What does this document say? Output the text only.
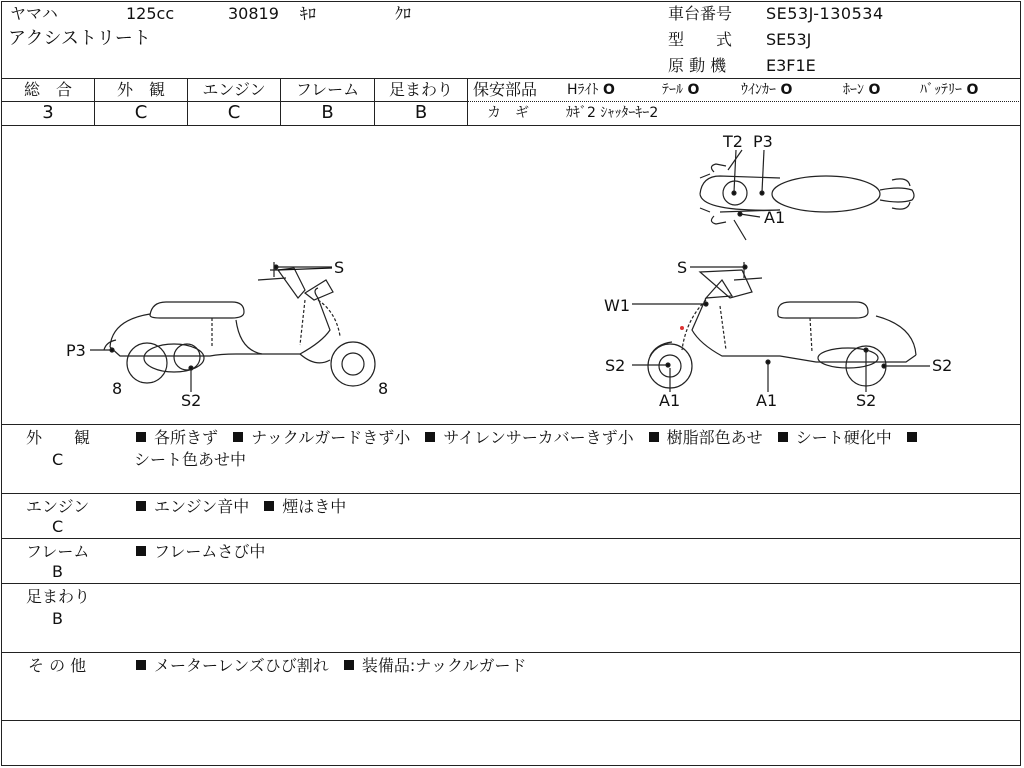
ヤマハ	125cc	30819 ｷﾛ	ｸﾛ
アクシストリート
車台番号 SE53J-130534
型　　式 SE53J
原 動 機 E3F1E
総　合	外　観	エンジン	フレーム	足まわり
3	C	C	B	B
保安部品 Hﾗｲﾄ O	ﾃｰﾙ O	ｳｲﾝｶｰ O	ﾎｰﾝ O	ﾊﾞｯﾃﾘｰ O
カ　ギ	ｶｷﾞ2 ｼｬｯﾀｰｷｰ2
T2 P3
A1
S
P3
8
S2
8
S
W1
S2
A1	A1
S2
S2
外　　観
C
各所きず ナックルガードきず小 サイレンサーカバーきず小 樹脂部色あせ シート硬化中
シート色あせ中
エンジン
C
エンジン音中 煙はき中
フレーム
B
フレームさび中
足まわり
B
そ の 他	メーターレンズひび割れ 装備品:ナックルガード
